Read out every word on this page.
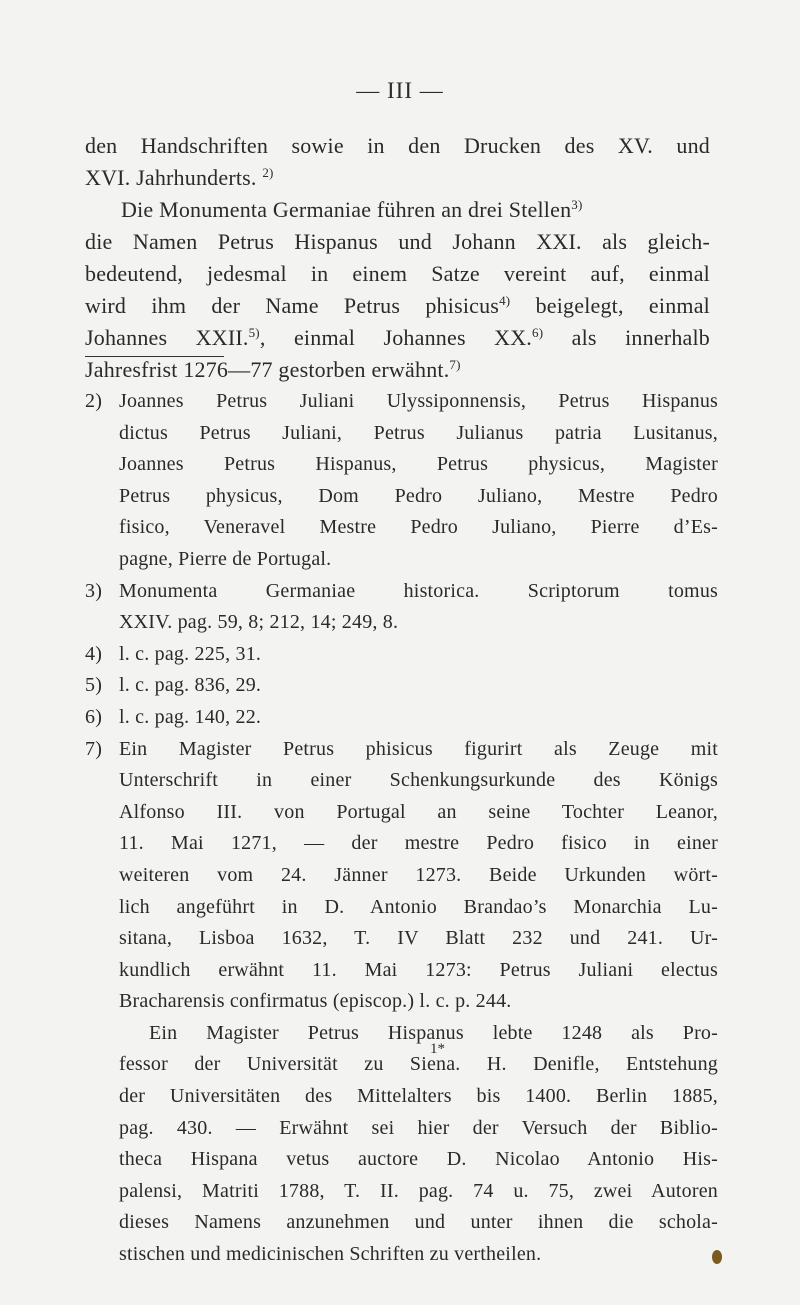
— III —
den Handschriften sowie in den Drucken des XV. und
XVI. Jahrhunderts. $^{2)}$
Die Monumenta Germaniae führen an drei Stellen$^{3)}$
die Namen Petrus Hispanus und Johann XXI. als gleich-
bedeutend, jedesmal in einem Satze vereint auf, einmal
wird ihm der Name Petrus phisicus$^{4)}$ beigelegt, einmal
Johannes XXII.$^{5)}$, einmal Johannes XX.$^{6)}$ als innerhalb
Jahresfrist 1276—77 gestorben erwähnt.$^{7)}$
2) Joannes Petrus Juliani Ulyssiponnensis, Petrus Hispanus
dictus Petrus Juliani, Petrus Julianus patria Lusitanus,
Joannes Petrus Hispanus, Petrus physicus, Magister
Petrus physicus, Dom Pedro Juliano, Mestre Pedro
fisico, Veneravel Mestre Pedro Juliano, Pierre d’Es-
pagne, Pierre de Portugal.
3) Monumenta Germaniae historica. Scriptorum tomus
XXIV. pag. 59, 8; 212, 14; 249, 8.
4) l. c. pag. 225, 31.
5) l. c. pag. 836, 29.
6) l. c. pag. 140, 22.
7) Ein Magister Petrus phisicus figurirt als Zeuge mit
Unterschrift in einer Schenkungsurkunde des Königs
Alfonso III. von Portugal an seine Tochter Leanor,
11. Mai 1271, — der mestre Pedro fisico in einer
weiteren vom 24. Jänner 1273. Beide Urkunden wört-
lich angeführt in D. Antonio Brandao’s Monarchia Lu-
sitana, Lisboa 1632, T. IV Blatt 232 und 241. Ur-
kundlich erwähnt 11. Mai 1273: Petrus Juliani electus
Bracharensis confirmatus (episcop.) l. c. p. 244.
Ein Magister Petrus Hispanus lebte 1248 als Pro-
fessor der Universität zu Siena. H. Denifle, Entstehung
der Universitäten des Mittelalters bis 1400. Berlin 1885,
pag. 430. — Erwähnt sei hier der Versuch der Biblio-
theca Hispana vetus auctore D. Nicolao Antonio His-
palensi, Matriti 1788, T. II. pag. 74 u. 75, zwei Autoren
dieses Namens anzunehmen und unter ihnen die schola-
stischen und medicinischen Schriften zu vertheilen.
1*
